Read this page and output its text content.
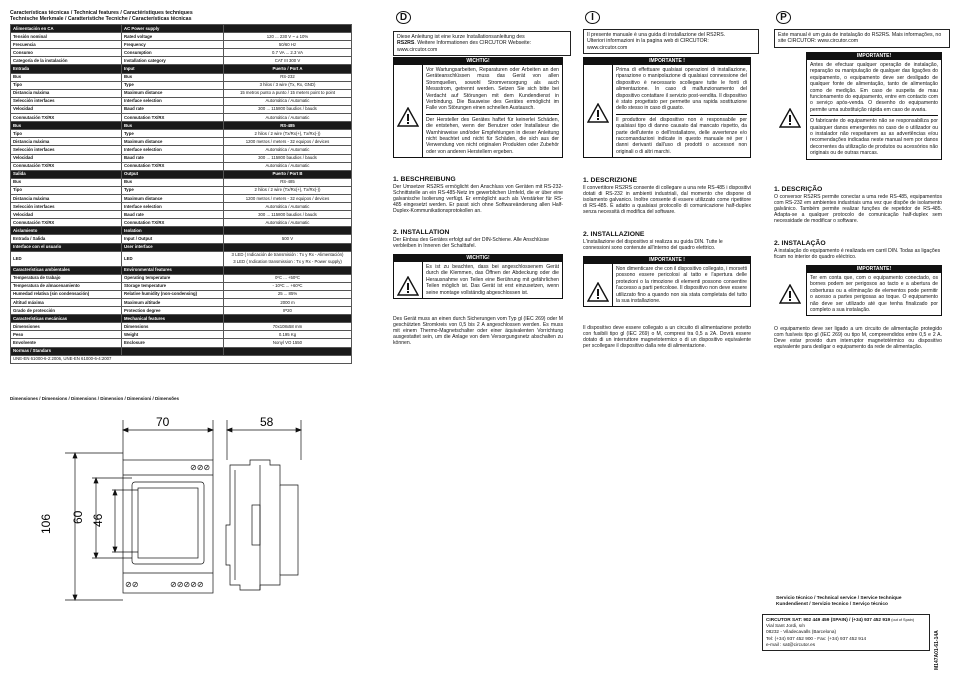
Características técnicas / Technical features / Caractéristiques techniques
Technische Merkmale / Caratteristiche Tecniche / Características técnicas
Alimentación en CA	AC Power supply	
Tensión nominal	Rated voltage	120 ... 230 V ~ ± 10%
Frecuencia	Frequency	50/60 Hz
Consumo	Consumption	0.7 VA ... 2.3 VA
Categoría de la instalación	Installation category	CAT III 300 V
Entrada	Input	Puerto / Port A
Bus	Bus	RS-232
Tipo	Type	3 hilos / 3 wire (Tx, Rx, GND)
Distancia máxima	Maximum distance	15 metros punto a punto / 15 meters point to point
Selección interfaces	Interface selection	Automática / Automatic
Velocidad	Baud rate	300 ... 115800 baudios / bauds
Conmutación TX/RX	Conmutation TX/RX	Automática / Automatic
Bus	Bus	RS-485
Tipo	Type	2 hilos / 2 wire (Tx/Rx(+), Tx/Rx(-))
Distancia máxima	Maximum distance	1200 metros / meters - 32 equipos / devices
Selección interfaces	Interface selection	Automática / Automatic
Velocidad	Baud rate	300 ... 115800 baudios / bauds
Conmutación TX/RX	Conmutation TX/RX	Automática / Automatic
Salida	Output	Puerto / Port B
Bus	Bus	RS-485
Tipo	Type	2 hilos / 2 wire (Tx/Rx(+), Tx/Rx(-))
Distancia máxima	Maximum distance	1200 metros / meters - 32 equipos / devices
Selección interfaces	Interface selection	Automática / Automatic
Velocidad	Baud rate	300 ... 115800 baudios / bauds
Conmutación TX/RX	Conmutation TX/RX	Automática / Automatic
Aislamiento	Isolation	
Entrada / Salida	Input / Output	500 V
Interface con el usuario	User interface	
LED	LED	3 LED ( Indicación de transmisión : Tx y Rx - Alimentación)
3 LED ( Indication transmission : Tx y Rx - Power supply)

Características ambientales	Environmental features	
Temperatura de trabajo	Operating temperature	0ºC ... +50ºC
Temperatura de almacenamiento	Storage temperature	- 10ºC ... +60ºC
Humedad relativa (sin condensación)	Relative humidity (non-condensing)	25 ... 85%
Altitud máxima	Maximum altitude	2000 m
Grado de protección	Protection degree	IP20
Características mecánicas	Mechanical features	
Dimensiones	Dimensions	70x108x58 mm
Peso	Weight	0.195 Kg
Envolvente	Enclosure	Nonyl VO 1550
Normas / Standars		
UNE-EN 61000-6-2:2006, UNE-EN 61000-6-4:2007		
Dimensiones / Dimensions / Dimensions / Dimension / Dimensioni / Dimensões
⊘⊘⊘
⊘⊘	⊘⊘⊘⊘⊘
70	58
106 60 46
D
Diese Anleitung ist eine kurze Installationsanleitung des
RS2RS. Weitere Informationen des CIRCUTOR Webseite:
www.circutor.com
WICHTIG!

Vor Wartungsarbeiten, Reparaturen oder Arbeiten an den Geräteanschlüssen muss das Gerät von allen Stromquellen, sowohl Stromversorgung als auch Messstrom, getrennt werden. Setzen Sie sich bitte bei Verdacht auf Störungen mit dem Kundendienst in Verbindung. Die Bauweise des Gerätes ermöglicht im Falle von Störungen einen schnellen Austausch.

Der Hersteller des Gerätes haftet für keinerlei Schäden, die entstehen, wenn der Benutzer oder Installateur die Warnhinweise und/oder Empfehlungen in dieser Anleitung nicht beachtet und nicht für Schäden, die sich aus der Verwendung von nicht originalen Produkten oder Zubehör oder von anderen Herstellern ergeben.

1. BESCHREIBUNG
Der Umsetzer RS2RS ermöglicht den Anschluss von Geräten mit RS-232-Schnittstelle an ein RS-485-Netz im gewerblichen Umfeld, die er über eine galvanische Isolierung verfügt. Er ermöglicht auch als Verstärker für RS-485 eingesetzt werden. Er passt sich ohne Softwareänderung allen Half-Duplex-Kommunikationsprotokollen an.
2. INSTALLATION
Der Einbau des Gerätes erfolgt auf der DIN-Schiene. Alle Anschlüsse verbleiben in Inneren der Schalttafel.
WICHTIG!

Es ist zu beachten, dass bei angeschlossenem Gerät durch die Klemmen, das Öffnen der Abdeckung oder die Herausnahme von Teilen eine Berührung mit gefährlichen Teilen möglich ist. Das Gerät ist erst einzusetzen, wenn seine montage vollständig abgeschlossen ist.

Des Gerät muss an einen durch Sicherungen vom Typ gl (IEC 269) oder M geschützten Stromkreis von 0,5 bis 2 A angeschlossen werden. Es muss mit einem Thermo-Magnetschalter oder einer äquivalenten Vorrichtung ausgestattet sein, um die Anlage von dem Versorgungsnetz abschalten zu können.
I
Il presente manuale è una guida di installazione del RS2RS.
Ulteriori informazioni in la pagina web di CIRCUTOR:
www.circutor.com
IMPORTANTE !

Prima di effettuare qualsiasi operazioni di installazione, riparazione o manipolazione di qualsiasi connessione del dispositivo è necessario scollegare tutte le fonti di alimentazione. In caso di malfunzionamento del dispositivo contattare il servizio post-vendita. Il dispositivo è stato progettato per permette una rapida sostituzione dello stesso in caso di guasto.

Il produttore del dispositivo non è responsabile per qualsiasi tipo di danno causato dal mancato rispetto, da parte dell'utente o dell'installatore, delle avvertenze e/o raccomandazioni indicate in questo manuale né per i danni derivanti dall'uso di prodotti o accessori non originali o di altri marchi.

1. DESCRIZIONE
Il convertitore RS2RS consente di collegare a una rete RS-485 i dispositivi dotati di RS-232 in ambienti industriali, dal momento che dispone di isolamento galvanico. Inoltre consente di essere utilizzato come ripetitore di RS-485. È adatto a qualsiasi protocollo di comunicazione half-duplex senza necessità di modifica del software.
2. INSTALLAZIONE
L'installazione del dispositivo si realizza su guida DIN. Tutte le connessioni sono contenute all'interno del quadro elettrico.
IMPORTANTE !

Non dimenticare che con il dispositivo collegato, i morsetti possono essere pericolosi al tatto e l'apertura delle protezioni o la rimozione di elementi possono consentire l'accesso a parti pericolose. Il dispositivo non deve essere utilizzato fino a quando non sia stata completata del tutto la sua installazione.

Il dispositivo deve essere collegato a un circuito di alimentazione protetto con fusibili tipo gl (IEC 269) o M, compresi tra 0,5 a 2A. Dovrà essere dotato di un interruttore magnetotermico o di un dispositivo equivalente per scollegare il dispositivo dalla rete di alimentazione.
P
Este manual é um guia de instalação do RS2RS. Mais informações, no site CIRCUTOR: www.circutor.com
IMPORTANTE!

Antes de efectuar qualquer operação de instalação, reparação ou manipulação de qualquer das ligações do equipamento, o equipamento deve ser desligado de qualquer fonte de alimentação, tanto de alimentação como de medição. Em caso de suspeita de mau funcionamento do equipamento, entre em contacto com o serviço após-venda. O desenho do equipamento permite uma substituição rápida em caso de avaria.

O fabricante do equipamento não se responsabiliza por quaisquer danos emergentes no caso de o utilizador ou o instalador não respeitarem as as advertências e/ou recomendações indicadas neste manual nem por danos decorrentes da utilização de produtos ou acessórios não originais ou de outras marcas.

1. DESCRIÇÃO
O conversor RS2RS permite conectar a uma rede RS-485, equipamentos com RS-232 em ambientes industriais uma vez que dispõe de isolamento galvânico. Também permite realizar funções de repetidor de RS-485. Adapta-se a qualquer protocolo de comunicação half-duplex sem necessidade de modificar o software.
2. INSTALAÇÃO
A instalação do equipamento é realizada em carril DIN. Todas as ligações ficam no interior do quadro eléctrico.
IMPORTANTE!

Ter em conta que, com o equipamento conectado, os bornes podem ser perigosos ao tacto e a abertura de coberturas ou a eliminação de elementos pode permitir o acesso a partes perigosas ao toque. O equipamento não deve ser utilizado até que tenha finalizado por completo a sua instalação.

O equipamento deve ser ligado a um circuito de alimentação protegido com fusíveis tipo gl (IEC 269) ou tipo M, compreendidos entre 0,5 e 2 A. Deve estar provido dum interruptor magnetotérmico ou dispositivo equivalente para desligar o equipamento da rede de alimentação.
Servicio técnico / Technical service / Service technique
Kundendienst / Servizio tecnico / Serviço técnico
CIRCUTOR SAT: 902 449 459 (SPAIN) / (+34) 937 452 919 (out of Spain)
Vial Sant Jordi, s/n
08232 - Viladecavalls (Barcelona)
Tel: (+34) 937 452 900 - Fax: (+34) 937 452 914
e-mail : sat@circutor.es	M147A01-61-14A
